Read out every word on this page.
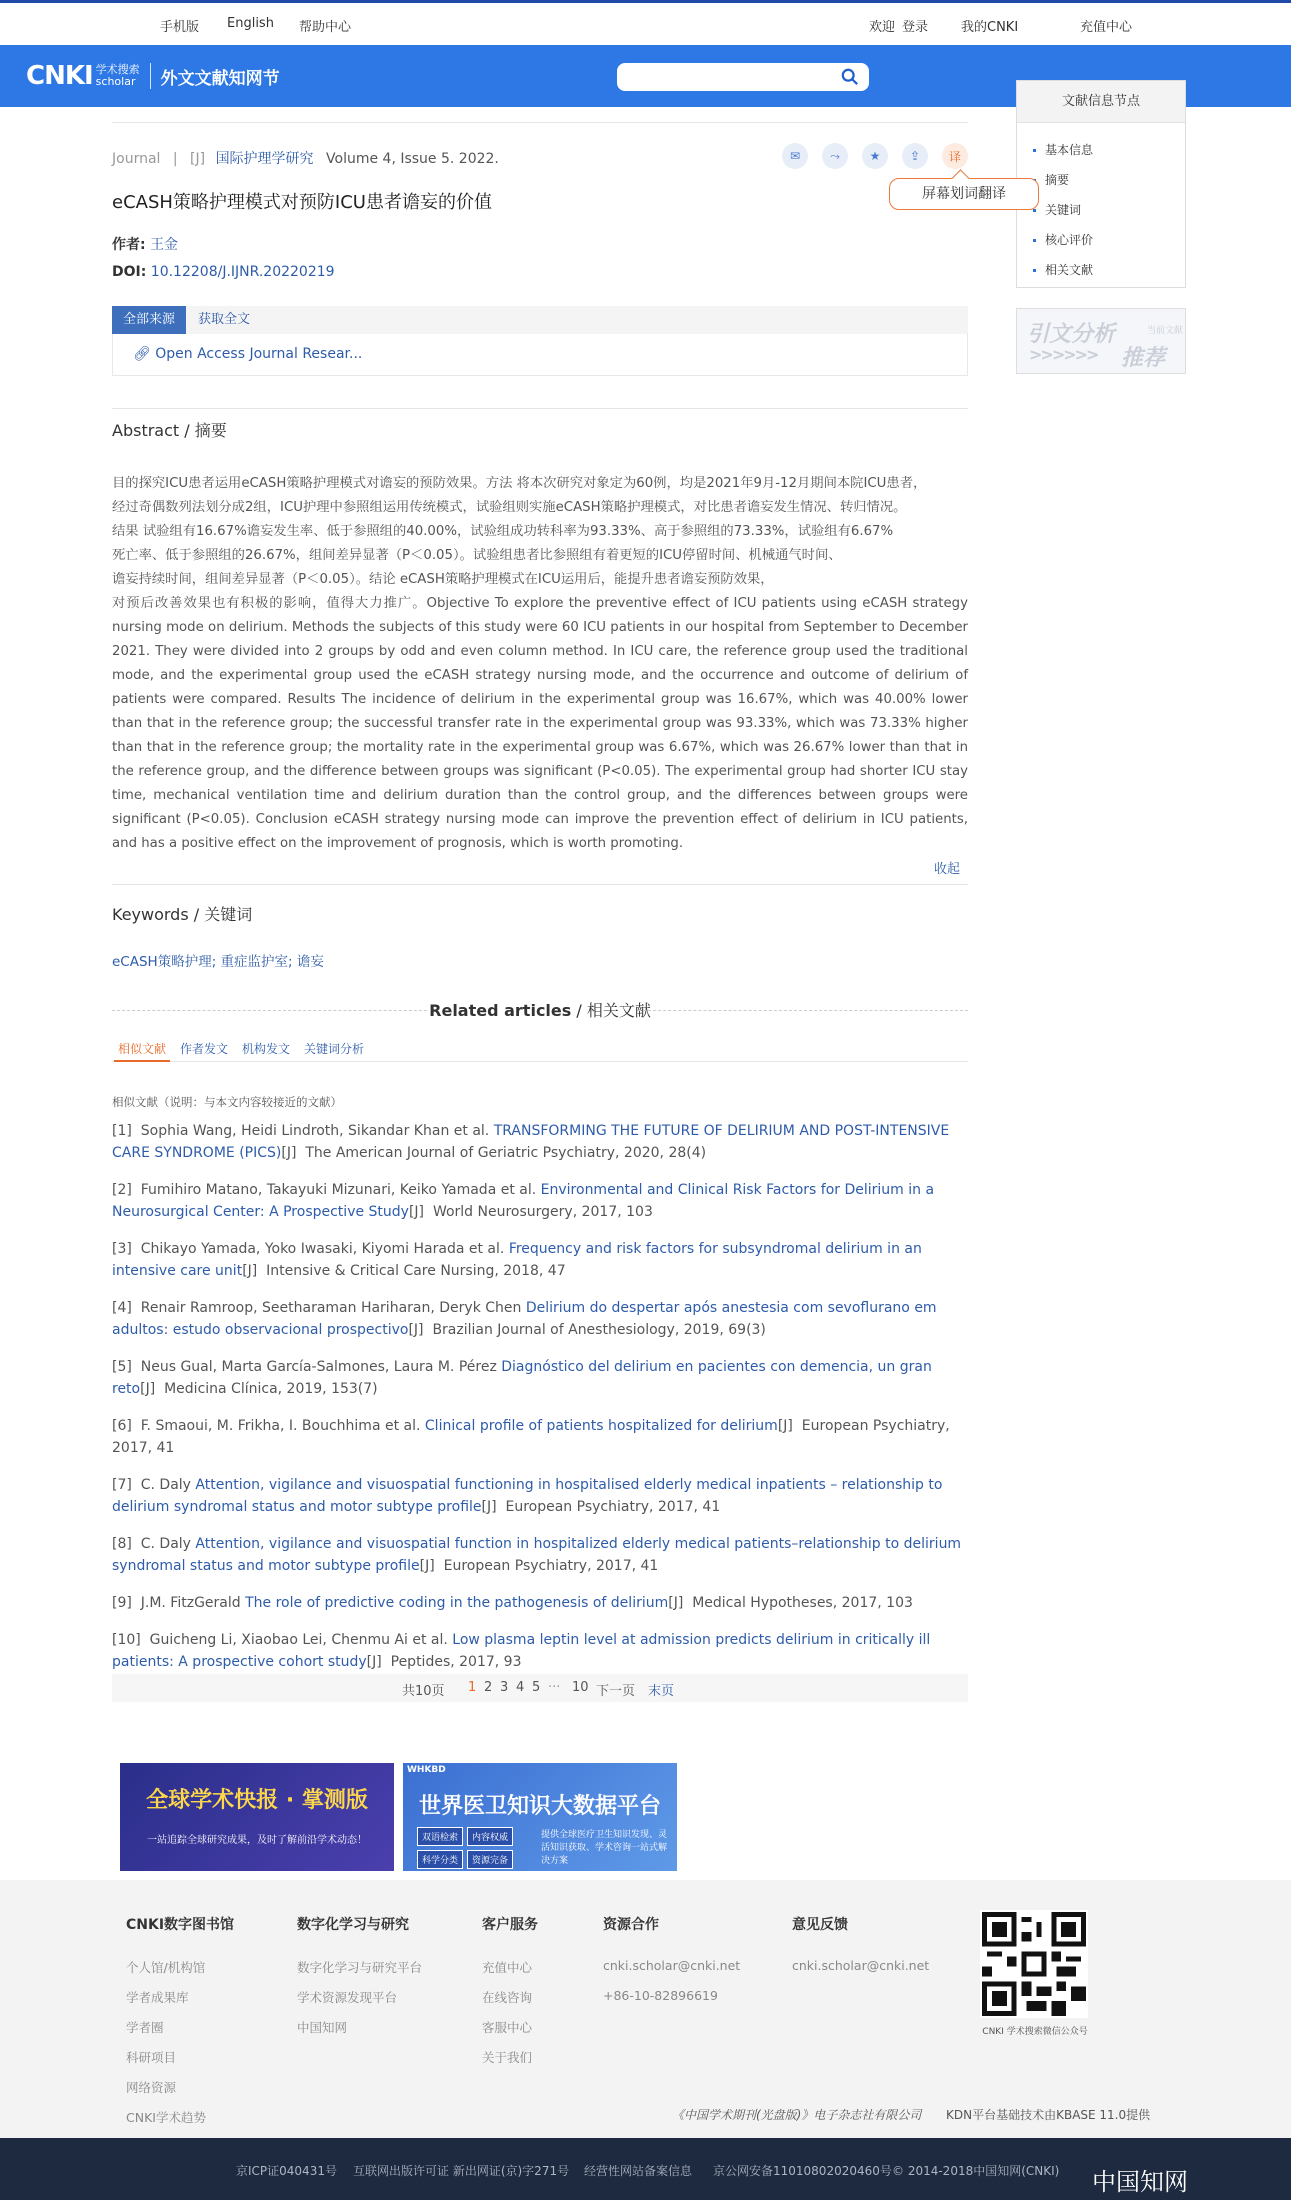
手机版 English 帮助中心	欢迎 登录	我的CNKI	充值中心
CNKI 学术搜索
scholar 外文文献知网节
文献信息节点
基本信息
摘要
关键词
核心评价
相关文献
引文分析	当前文献
>>>>>> 推荐
Journal | [J] 国际护理学研究 Volume 4, Issue 5. 2022.	✉	⤳	★	⇪	译
屏幕划词翻译
eCASH策略护理模式对预防ICU患者谵妄的价值
作者: 王金
DOI: 10.12208/J.IJNR.20220219
全部来源	获取全文
🔗︎ Open Access Journal Resear...
Abstract / 摘要

目的探究ICU患者运用eCASH策略护理模式对谵妄的预防效果。方法 将本次研究对象定为60例，均是2021年9月-12月期间本院ICU患者，

经过奇偶数列法划分成2组，ICU护理中参照组运用传统模式，试验组则实施eCASH策略护理模式，对比患者谵妄发生情况、转归情况。

结果 试验组有16.67%谵妄发生率、低于参照组的40.00%，试验组成功转科率为93.33%、高于参照组的73.33%，试验组有6.67%

死亡率、低于参照组的26.67%，组间差异显著（P＜0.05）。试验组患者比参照组有着更短的ICU停留时间、机械通气时间、

谵妄持续时间，组间差异显著（P＜0.05）。结论 eCASH策略护理模式在ICU运用后，能提升患者谵妄预防效果，

对预后改善效果也有积极的影响，值得大力推广。Objective To explore the preventive effect of ICU patients using eCASH strategy nursing mode on delirium. Methods the subjects of this study were 60 ICU patients in our hospital from September to December 2021. They were divided into 2 groups by odd and even column method. In ICU care, the reference group used the traditional mode, and the experimental group used the eCASH strategy nursing mode, and the occurrence and outcome of delirium of patients were compared. Results The incidence of delirium in the experimental group was 16.67%, which was 40.00% lower than that in the reference group; the successful transfer rate in the experimental group was 93.33%, which was 73.33% higher than that in the reference group; the mortality rate in the experimental group was 6.67%, which was 26.67% lower than that in the reference group, and the difference between groups was significant (P<0.05). The experimental group had shorter ICU stay time, mechanical ventilation time and delirium duration than the control group, and the differences between groups were significant (P<0.05). Conclusion eCASH strategy nursing mode can improve the prevention effect of delirium in ICU patients, and has a positive effect on the improvement of prognosis, which is worth promoting.

收起
Keywords / 关键词
eCASH策略护理; 重症监护室; 谵妄
Related articles / 相关文献
相似文献 作者发文 机构发文 关键词分析
相似文献（说明：与本文内容较接近的文献）
[1] Sophia Wang, Heidi Lindroth, Sikandar Khan et al. TRANSFORMING THE FUTURE OF DELIRIUM AND POST-INTENSIVE CARE SYNDROME (PICS)[J] The American Journal of Geriatric Psychiatry, 2020, 28(4)
[2] Fumihiro Matano, Takayuki Mizunari, Keiko Yamada et al. Environmental and Clinical Risk Factors for Delirium in a Neurosurgical Center: A Prospective Study[J] World Neurosurgery, 2017, 103
[3] Chikayo Yamada, Yoko Iwasaki, Kiyomi Harada et al. Frequency and risk factors for subsyndromal delirium in an intensive care unit[J] Intensive & Critical Care Nursing, 2018, 47
[4] Renair Ramroop, Seetharaman Hariharan, Deryk Chen Delirium do despertar após anestesia com sevoflurano em adultos: estudo observacional prospectivo[J] Brazilian Journal of Anesthesiology, 2019, 69(3)
[5] Neus Gual, Marta García-Salmones, Laura M. Pérez Diagnóstico del delirium en pacientes con demencia, un gran reto[J] Medicina Clínica, 2019, 153(7)
[6] F. Smaoui, M. Frikha, I. Bouchhima et al. Clinical profile of patients hospitalized for delirium[J] European Psychiatry, 2017, 41
[7] C. Daly Attention, vigilance and visuospatial functioning in hospitalised elderly medical inpatients – relationship to delirium syndromal status and motor subtype profile[J] European Psychiatry, 2017, 41
[8] C. Daly Attention, vigilance and visuospatial function in hospitalized elderly medical patients–relationship to delirium syndromal status and motor subtype profile[J] European Psychiatry, 2017, 41
[9] J.M. FitzGerald The role of predictive coding in the pathogenesis of delirium[J] Medical Hypotheses, 2017, 103
[10] Guicheng Li, Xiaobao Lei, Chenmu Ai et al. Low plasma leptin level at admission predicts delirium in critically ill patients: A prospective cohort study[J] Peptides, 2017, 93
共10页 1 2 3 4 5 ··· 10 下一页 末页
全球学术快报 · 掌测版
一站追踪全球研究成果，及时了解前沿学术动态！
WHKBD
世界医卫知识大数据平台
双语检索	内容权威
科学分类	资源完备
提供全球医疗卫生知识发现、灵活知识获取、学术咨询一站式解决方案
CNKI数字图书馆
个人馆/机构馆
学者成果库
学者圈
科研项目
网络资源
CNKI学术趋势
数字化学习与研究
数字化学习与研究平台
学术资源发现平台
中国知网
客户服务
充值中心
在线咨询
客服中心
关于我们
资源合作
cnki.scholar@cnki.net
+86-10-82896619
意见反馈
cnki.scholar@cnki.net
CNKI 学术搜索微信公众号
《中国学术期刊(光盘版)》电子杂志社有限公司 KDN平台基础技术由KBASE 11.0提供
京ICP证040431号 互联网出版许可证 新出网证(京)字271号 经营性网站备案信息 京公网安备11010802020460号 © 2014-2018中国知网(CNKI) 中国知网
